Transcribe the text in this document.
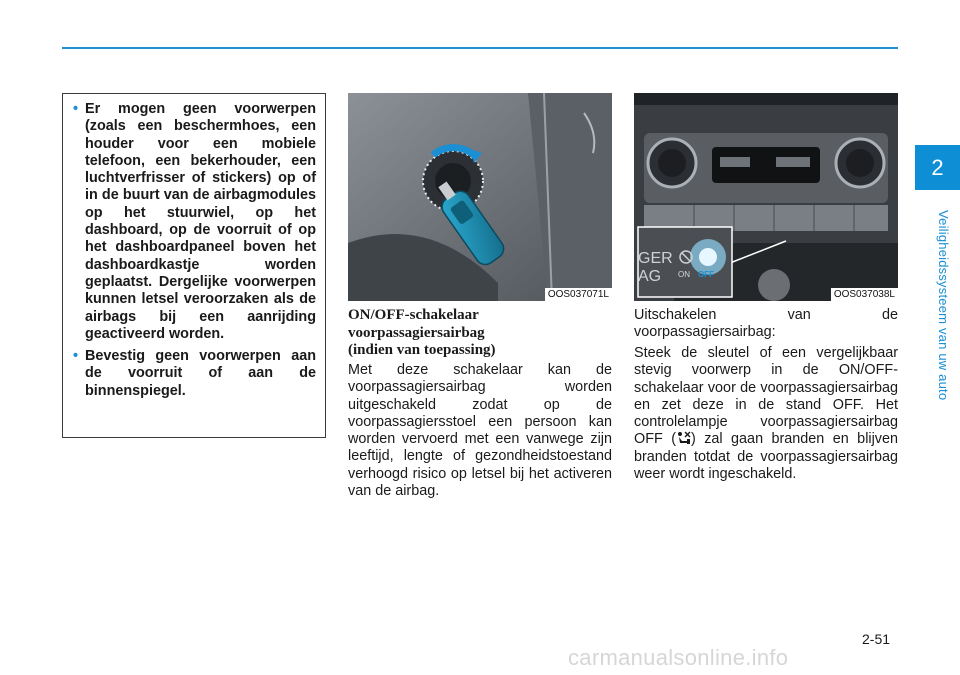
2
Veiligheidssysteem van uw auto
• Er mogen geen voorwerpen (zoals een beschermhoes, een houder voor een mobiele telefoon, een bekerhouder, een luchtverfrisser of stickers) op of in de buurt van de airbagmodules op het stuurwiel, op het dashboard, op de voorruit of op het dashboardpaneel boven het dashboardkastje worden geplaatst. Dergelijke voorwerpen kunnen letsel veroorzaken als de airbags bij een aanrijding geactiveerd worden.
• Bevestig geen voorwerpen aan de voorruit of aan de binnenspiegel.
OOS037071L
GER
AG ON OFF
OOS037038L
ON/OFF-schakelaar
voorpassagiersairbag
(indien van toepassing)

Met deze schakelaar kan de voorpassagiersairbag worden uitgeschakeld zodat op de voorpassagiersstoel een persoon kan worden vervoerd met een vanwege zijn leeftijd, lengte of gezondheidstoestand verhoogd risico op letsel bij het activeren van de airbag.

Uitschakelen van de voorpassagiersairbag:

Steek de sleutel of een vergelijkbaar stevig voorwerp in de ON/OFF-schakelaar voor de voorpassagiersairbag en zet deze in de stand OFF. Het controlelampje voorpassagiersairbag OFF ( ) zal gaan branden en blijven branden totdat de voorpassagiersairbag weer wordt ingeschakeld.

2-51
carmanualsonline.info
